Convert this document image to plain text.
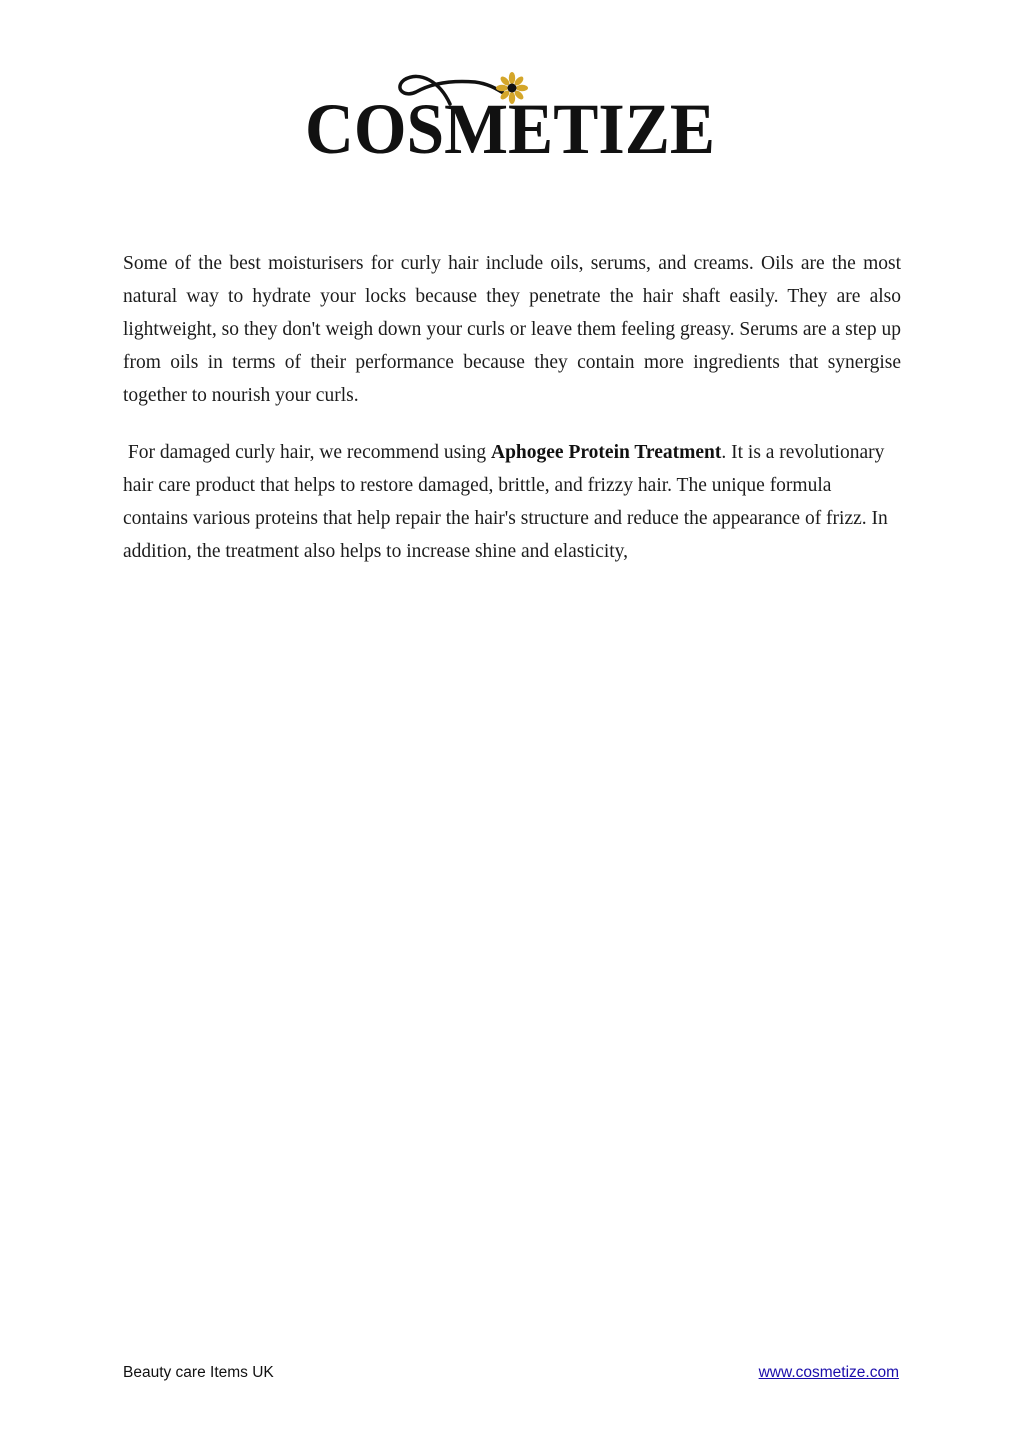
COSMETIZE

Some of the best moisturisers for curly hair include oils, serums, and creams. Oils are the most natural way to hydrate your locks because they penetrate the hair shaft easily. They are also lightweight, so they don't weigh down your curls or leave them feeling greasy. Serums are a step up from oils in terms of their performance because they contain more ingredients that synergise together to nourish your curls.

For damaged curly hair, we recommend using Aphogee Protein Treatment. It is a revolutionary hair care product that helps to restore damaged, brittle, and frizzy hair. The unique formula contains various proteins that help repair the hair's structure and reduce the appearance of frizz. In addition, the treatment also helps to increase shine and elasticity,

Beauty care Items UK	www.cosmetize.com
